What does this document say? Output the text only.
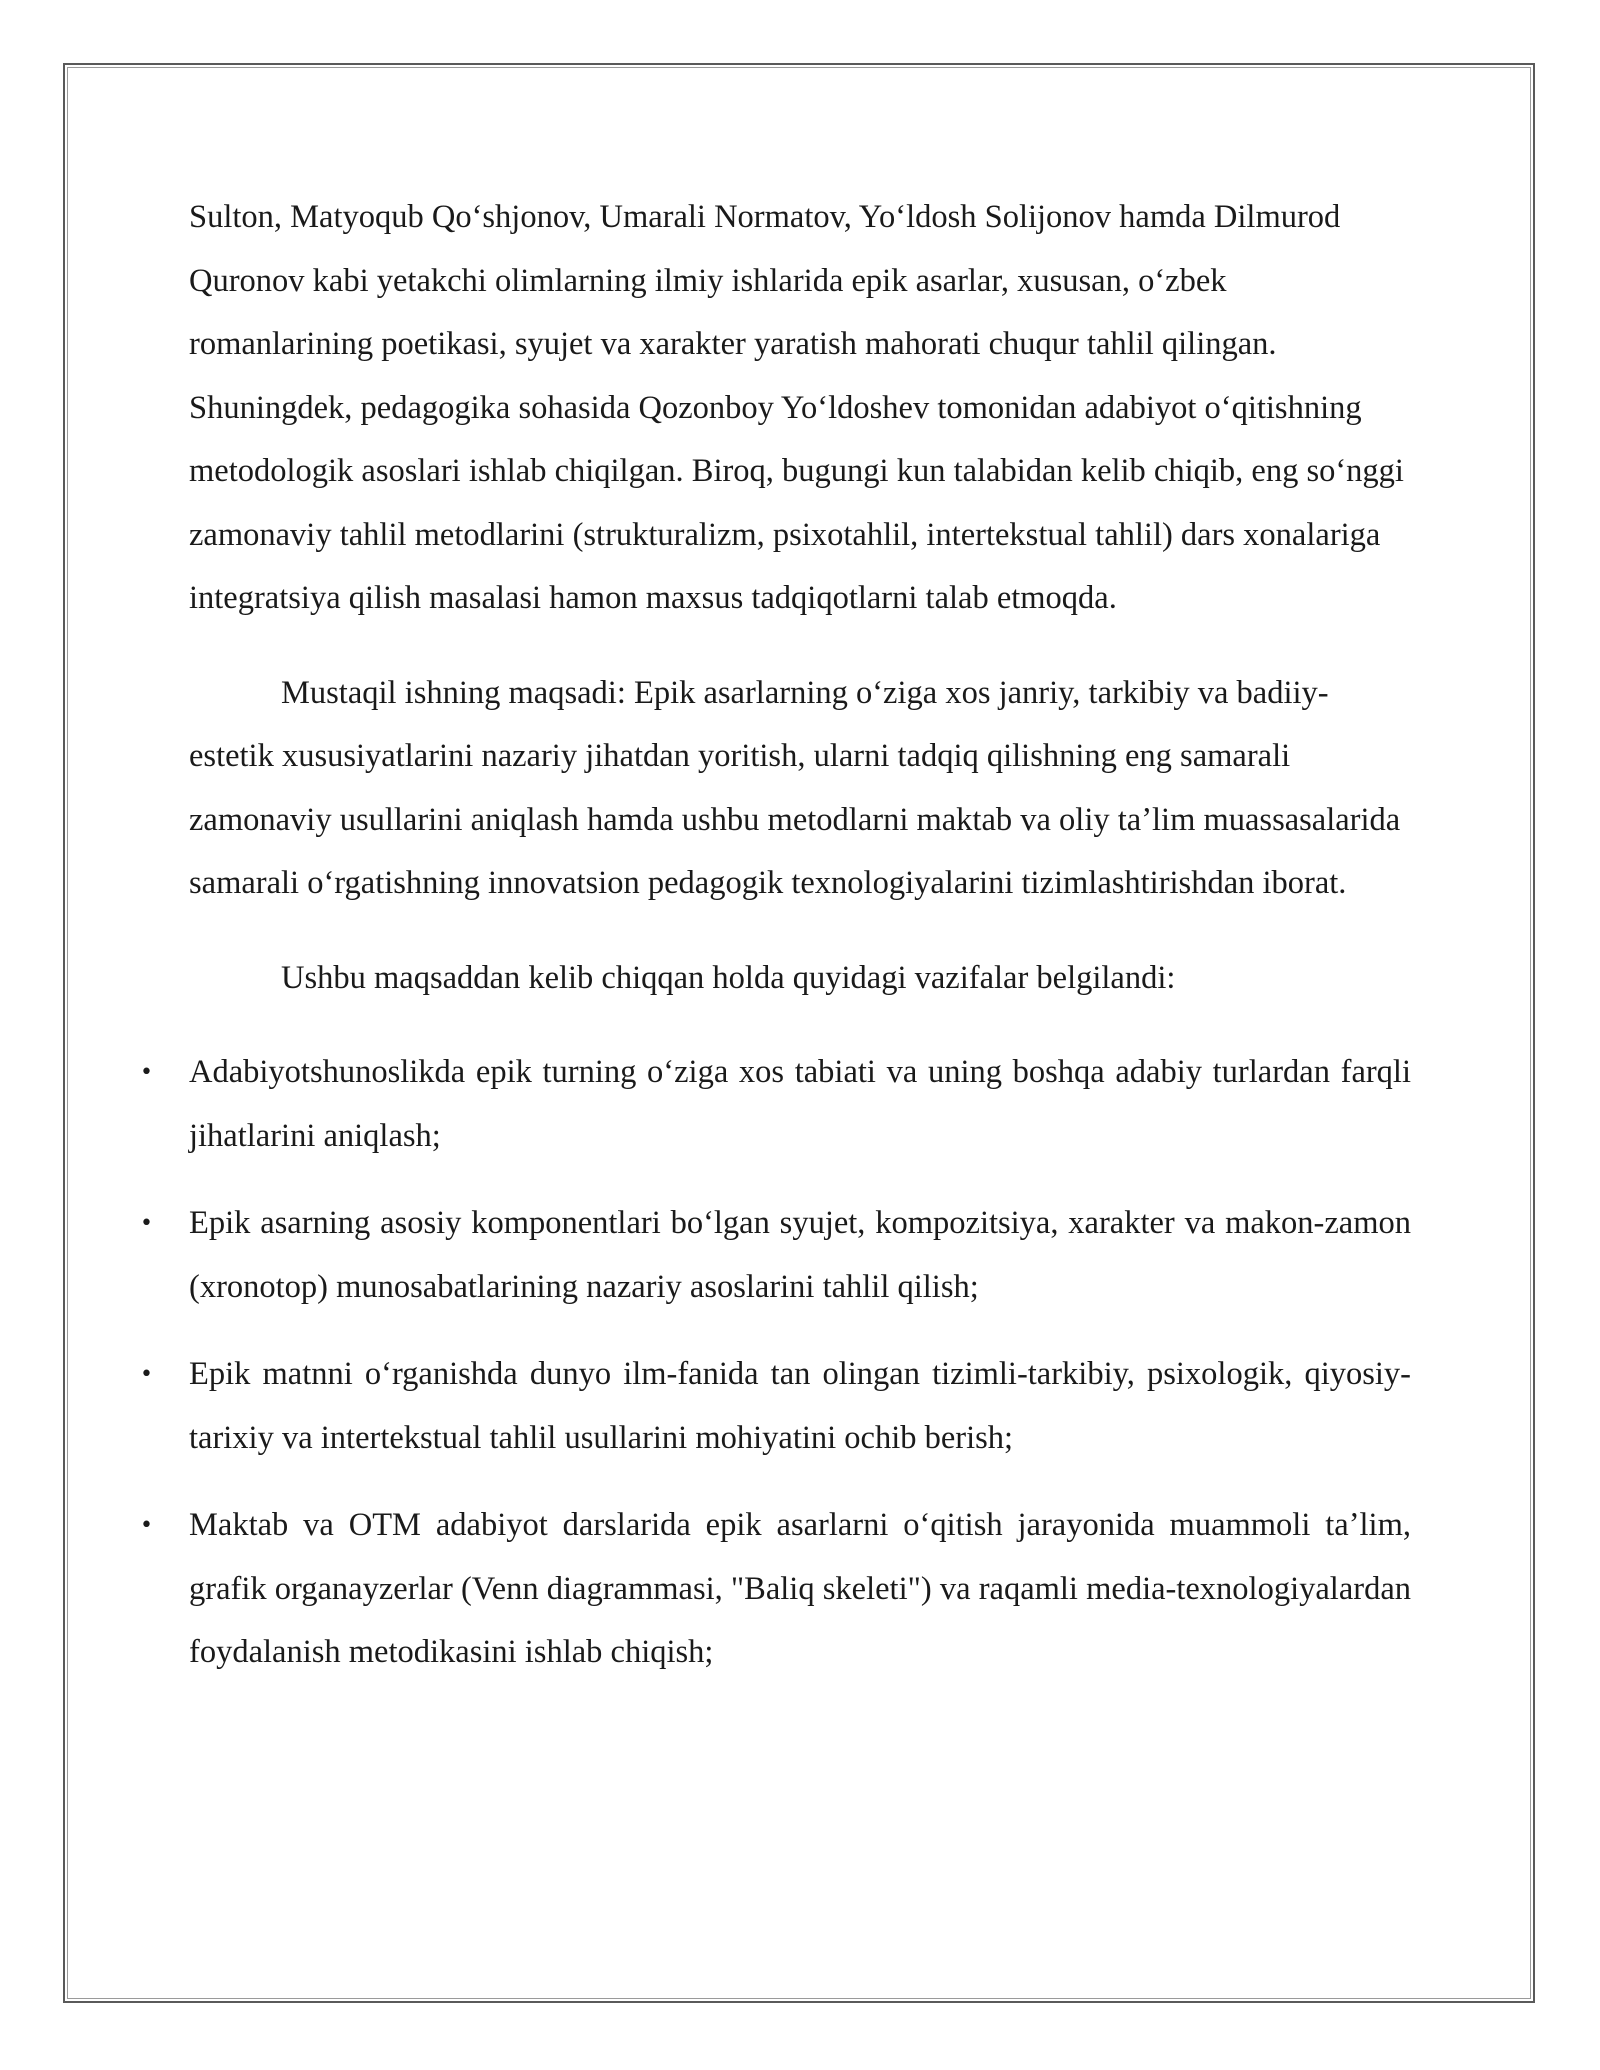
Sulton, Matyoqub Qoʻshjonov, Umarali Normatov, Yoʻldosh Solijonov hamda Dilmurod Quronov kabi yetakchi olimlarning ilmiy ishlarida epik asarlar, xususan, oʻzbek romanlarining poetikasi, syujet va xarakter yaratish mahorati chuqur tahlil qilingan. Shuningdek, pedagogika sohasida Qozonboy Yoʻldoshev tomonidan adabiyot oʻqitishning metodologik asoslari ishlab chiqilgan. Biroq, bugungi kun talabidan kelib chiqib, eng soʻnggi zamonaviy tahlil metodlarini (strukturalizm, psixotahlil, intertekstual tahlil) dars xonalariga integratsiya qilish masalasi hamon maxsus tadqiqotlarni talab etmoqda.

Mustaqil ishning maqsadi: Epik asarlarning oʻziga xos janriy, tarkibiy va badiiy-estetik xususiyatlarini nazariy jihatdan yoritish, ularni tadqiq qilishning eng samarali zamonaviy usullarini aniqlash hamda ushbu metodlarni maktab va oliy taʼlim muassasalarida samarali oʻrgatishning innovatsion pedagogik texnologiyalarini tizimlashtirishdan iborat.

Ushbu maqsaddan kelib chiqqan holda quyidagi vazifalar belgilandi:

• Adabiyotshunoslikda epik turning oʻziga xos tabiati va uning boshqa adabiy turlardan farqli jihatlarini aniqlash;
• Epik asarning asosiy komponentlari boʻlgan syujet, kompozitsiya, xarakter va makon-zamon (xronotop) munosabatlarining nazariy asoslarini tahlil qilish;
• Epik matnni oʻrganishda dunyo ilm-fanida tan olingan tizimli-tarkibiy, psixologik, qiyosiy-tarixiy va intertekstual tahlil usullarini mohiyatini ochib berish;
• Maktab va OTM adabiyot darslarida epik asarlarni oʻqitish jarayonida muammoli taʼlim, grafik organayzerlar (Venn diagrammasi, "Baliq skeleti") va raqamli media-texnologiyalardan foydalanish metodikasini ishlab chiqish;
